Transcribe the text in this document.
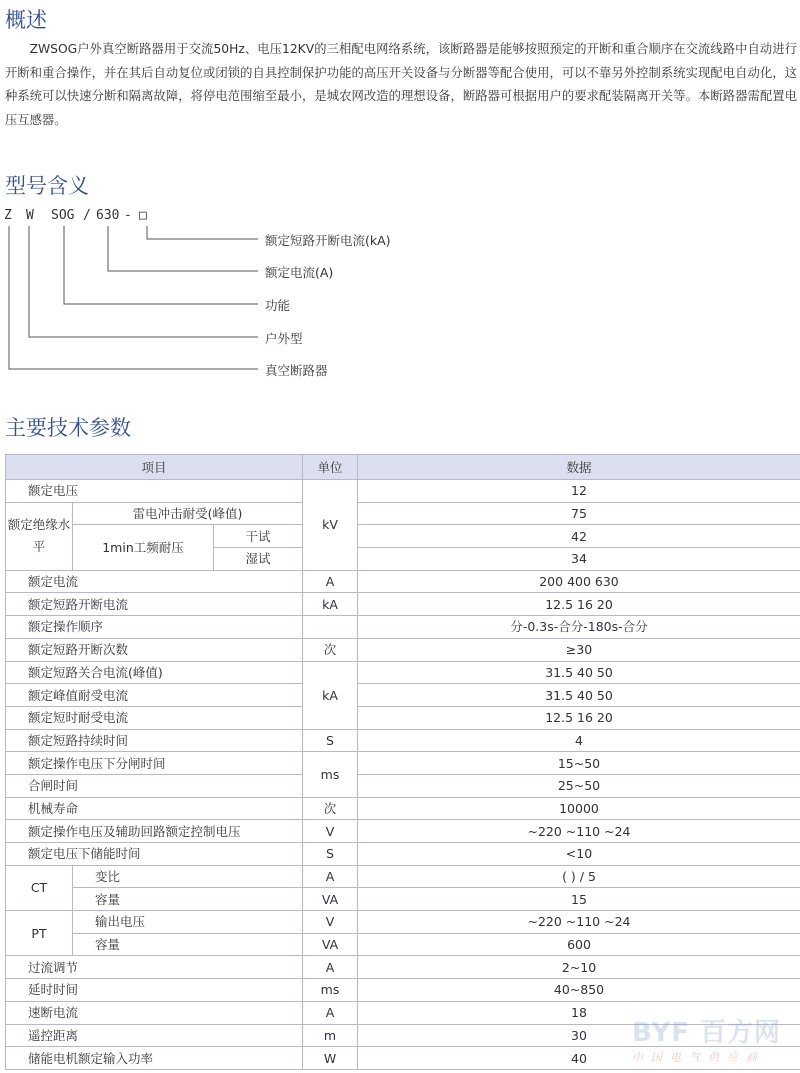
概述

ZWSOG户外真空断路器用于交流50Hz、电压12KV的三相配电网络系统，该断路器是能够按照预定的开断和重合顺序在交流线路中自动进行开断和重合操作，并在其后自动复位或闭锁的自具控制保护功能的高压开关设备与分断器等配合使用，可以不靠另外控制系统实现配电自动化，这种系统可以快速分断和隔离故障，将停电范围缩至最小，是城农网改造的理想设备，断路器可根据用户的要求配装隔离开关等。本断路器需配置电压互感器。

型号含义
Z W SOG / 630 - □
额定短路开断电流(kA)
额定电流(A)
功能
户外型
真空断路器
主要技术参数
项目			单位	数据
额定电压			kV	12
额定绝缘水平	雷电冲击耐受(峰值)			75
	1min工频耐压	干试		42
		湿试		34
额定电流			A	200 400 630
额定短路开断电流			kA	12.5 16 20
额定操作顺序				分-0.3s-合分-180s-合分
额定短路开断次数			次	≥30
额定短路关合电流(峰值)			kA	31.5 40 50
额定峰值耐受电流				31.5 40 50
额定短时耐受电流				12.5 16 20
额定短路持续时间			S	4
额定操作电压下分闸时间			ms	15~50
合闸时间				25~50
机械寿命			次	10000
额定操作电压及辅助回路额定控制电压			V	~220 ~110 ~24
额定电压下储能时间			S	<10
CT	变比		A	( ) / 5
	容量		VA	15
PT	输出电压		V	~220 ~110 ~24
	容量		VA	600
过流调节			A	2~10
延时时间			ms	40~850
速断电流			A	18
遥控距离			m	30
储能电机额定输入功率			W	40
BYF 百方网
中国电气供应商
